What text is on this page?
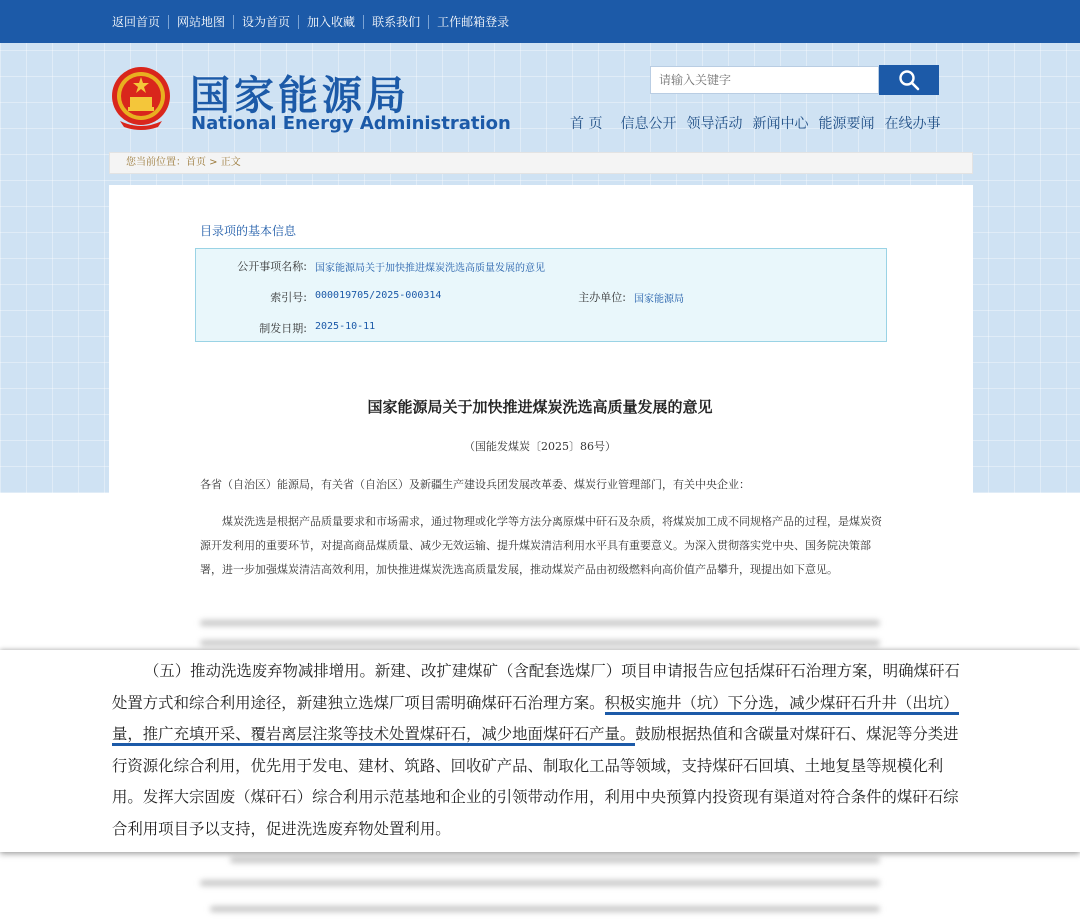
返回首页	网站地图	设为首页	加入收藏	联系我们	工作邮箱登录
国家能源局
National Energy Administration
请输入关键字	首 页 信息公开 领导活动 新闻中心 能源要闻 在线办事
您当前位置：首页 > 正文
目录项的基本信息
公开事项名称: 国家能源局关于加快推进煤炭洗选高质量发展的意见
索引号: 000019705/2025-000314	主办单位: 国家能源局
制发日期: 2025-10-11
国家能源局关于加快推进煤炭洗选高质量发展的意见
（国能发煤炭〔2025〕86号）
各省（自治区）能源局，有关省（自治区）及新疆生产建设兵团发展改革委、煤炭行业管理部门，有关中央企业：
煤炭洗选是根据产品质量要求和市场需求，通过物理或化学等方法分离原煤中矸石及杂质，将煤炭加工成不同规格产品的过程，是煤炭资源开发利用的重要环节，对提高商品煤质量、减少无效运输、提升煤炭清洁利用水平具有重要意义。为深入贯彻落实党中央、国务院决策部署，进一步加强煤炭清洁高效利用，加快推进煤炭洗选高质量发展，推动煤炭产品由初级燃料向高价值产品攀升，现提出如下意见。
（五）推动洗选废弃物减排增用。新建、改扩建煤矿（含配套选煤厂）项目申请报告应包括煤矸石治理方案，明确煤矸石处置方式和综合利用途径，新建独立选煤厂项目需明确煤矸石治理方案。积极实施井（坑）下分选，减少煤矸石升井（出坑）量，推广充填开采、覆岩离层注浆等技术处置煤矸石，减少地面煤矸石产量。鼓励根据热值和含碳量对煤矸石、煤泥等分类进行资源化综合利用，优先用于发电、建材、筑路、回收矿产品、制取化工品等领域，支持煤矸石回填、土地复垦等规模化利用。发挥大宗固废（煤矸石）综合利用示范基地和企业的引领带动作用，利用中央预算内投资现有渠道对符合条件的煤矸石综合利用项目予以支持，促进洗选废弃物处置利用。
